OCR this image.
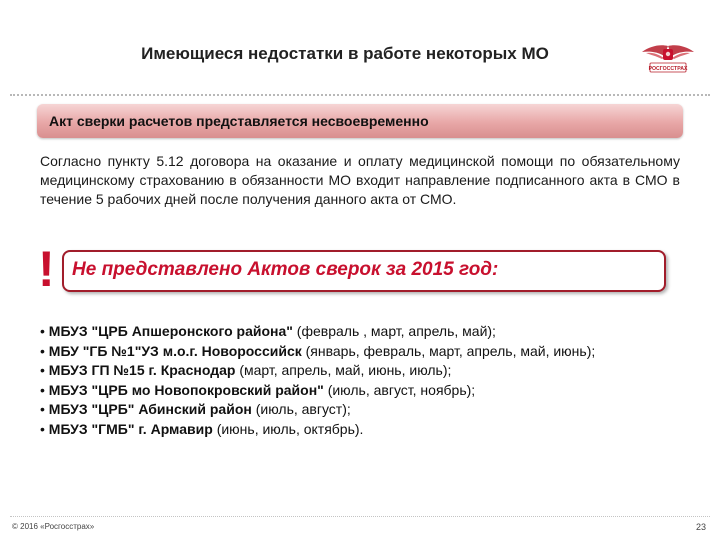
Имеющиеся недостатки в работе некоторых МО
РОСГОССТРАХ
Акт сверки расчетов представляется несвоевременно
Согласно пункту 5.12 договора на оказание и оплату медицинской помощи по обязательному медицинскому страхованию в обязанности МО входит направление подписанного акта в СМО в течение 5 рабочих дней после получения данного акта от СМО.
! Не представлено Актов сверок за 2015 год:
• МБУЗ "ЦРБ Апшеронского района" (февраль , март, апрель, май);
• МБУ "ГБ №1"УЗ м.о.г. Новороссийск (январь, февраль, март, апрель, май, июнь);
• МБУЗ ГП №15 г. Краснодар (март, апрель, май, июнь, июль);
• МБУЗ "ЦРБ мо Новопокровский район" (июль, август, ноябрь);
• МБУЗ "ЦРБ" Абинский район (июль, август);
• МБУЗ "ГМБ" г. Армавир (июнь, июль, октябрь).
© 2016 «Росгосстрах»	23
